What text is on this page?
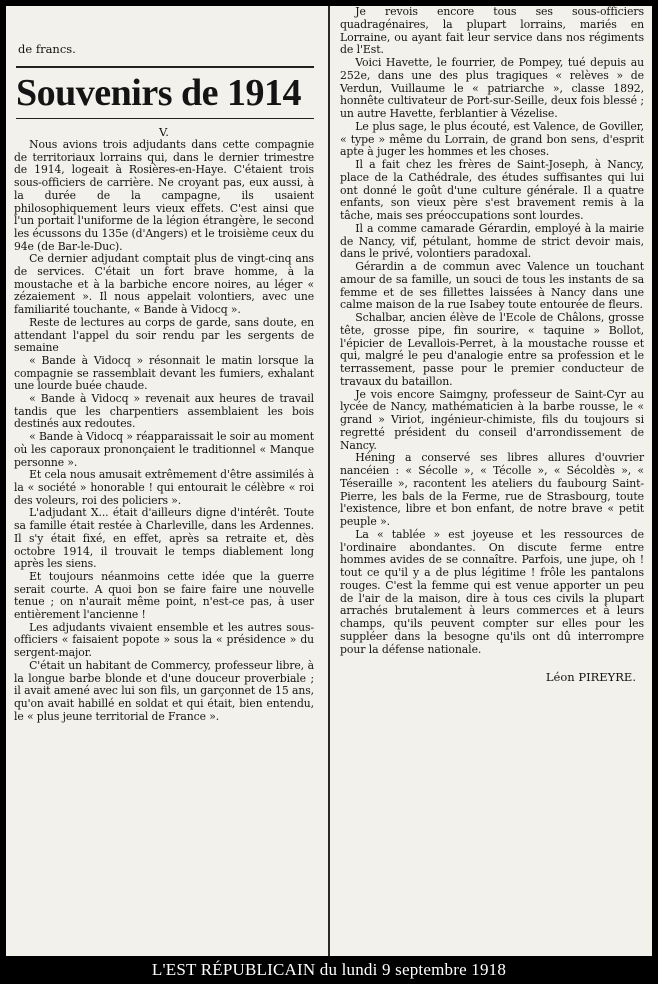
de francs.
Souvenirs de 1914
V.

Nous avions trois adjudants dans cette compagnie de territoriaux lorrains qui, dans le dernier trimestre de 1914, logeait à Rosières-en-Haye. C'étaient trois sous-officiers de carrière. Ne croyant pas, eux aussi, à la durée de la campagne, ils usaient philosophiquement leurs vieux effets. C'est ainsi que l'un portait l'uniforme de la légion étrangère, le second les écussons du 135e (d'Angers) et le troisième ceux du 94e (de Bar-le-Duc).

Ce dernier adjudant comptait plus de vingt-cinq ans de services. C'était un fort brave homme, à la moustache et à la barbiche encore noires, au léger « zézaiement ». Il nous appelait volontiers, avec une familiarité touchante, « Bande à Vidocq ».

Reste de lectures au corps de garde, sans doute, en attendant l'appel du soir rendu par les sergents de semaine

« Bande à Vidocq » résonnait le matin lorsque la compagnie se rassemblait devant les fumiers, exhalant une lourde buée chaude.

« Bande à Vidocq » revenait aux heures de travail tandis que les charpentiers assemblaient les bois destinés aux redoutes.

« Bande à Vidocq » réapparaissait le soir au moment où les caporaux prononçaient le traditionnel « Manque personne ».

Et cela nous amusait extrêmement d'être assimilés à la « société » honorable ! qui entourait le célèbre « roi des voleurs, roi des policiers ».

L'adjudant X... était d'ailleurs digne d'intérêt. Toute sa famille était restée à Charleville, dans les Ardennes. Il s'y était fixé, en effet, après sa retraite et, dès octobre 1914, il trouvait le temps diablement long après les siens.

Et toujours néanmoins cette idée que la guerre serait courte. A quoi bon se faire faire une nouvelle tenue ; on n'aurait même point, n'est-ce pas, à user entièrement l'ancienne !

Les adjudants vivaient ensemble et les autres sous-officiers « faisaient popote » sous la « présidence » du sergent-major.

C'était un habitant de Commercy, professeur libre, à la longue barbe blonde et d'une douceur proverbiale ; il avait amené avec lui son fils, un garçonnet de 15 ans, qu'on avait habillé en soldat et qui était, bien entendu, le « plus jeune territorial de France ».

Je revois encore tous ses sous-officiers quadragénaires, la plupart lorrains, mariés en Lorraine, ou ayant fait leur service dans nos régiments de l'Est.

Voici Havette, le fourrier, de Pompey, tué depuis au 252e, dans une des plus tragiques « relèves » de Verdun, Vuillaume le « patriarche », classe 1892, honnête cultivateur de Port-sur-Seille, deux fois blessé ; un autre Havette, ferblantier à Vézelise.

Le plus sage, le plus écouté, est Valence, de Goviller, « type » même du Lorrain, de grand bon sens, d'esprit apte à juger les hommes et les choses.

Il a fait chez les frères de Saint-Joseph, à Nancy, place de la Cathédrale, des études suffisantes qui lui ont donné le goût d'une culture générale. Il a quatre enfants, son vieux père s'est bravement remis à la tâche, mais ses préoccupations sont lourdes.

Il a comme camarade Gérardin, employé à la mairie de Nancy, vif, pétulant, homme de strict devoir mais, dans le privé, volontiers paradoxal.

Gérardin a de commun avec Valence un touchant amour de sa famille, un souci de tous les instants de sa femme et de ses fillettes laissées à Nancy dans une calme maison de la rue Isabey toute entourée de fleurs.

Schalbar, ancien élève de l'Ecole de Châlons, grosse tête, grosse pipe, fin sourire, « taquine » Bollot, l'épicier de Levallois-Perret, à la moustache rousse et qui, malgré le peu d'analogie entre sa profession et le terrassement, passe pour le premier conducteur de travaux du bataillon.

Je vois encore Saimgny, professeur de Saint-Cyr au lycée de Nancy, mathématicien à la barbe rousse, le « grand » Viriot, ingénieur-chimiste, fils du toujours si regretté président du conseil d'arrondissement de Nancy.

Héning a conservé ses libres allures d'ouvrier nancéien : « Sécolle », « Técolle », « Sécoldès », « Téseraille », racontent les ateliers du faubourg Saint-Pierre, les bals de la Ferme, rue de Strasbourg, toute l'existence, libre et bon enfant, de notre brave « petit peuple ».

La « tablée » est joyeuse et les ressources de l'ordinaire abondantes. On discute ferme entre hommes avides de se connaître. Parfois, une jupe, oh ! tout ce qu'il y a de plus légitime ! frôle les pantalons rouges. C'est la femme qui est venue apporter un peu de l'air de la maison, dire à tous ces civils la plupart arrachés brutalement à leurs commerces et à leurs champs, qu'ils peuvent compter sur elles pour les suppléer dans la besogne qu'ils ont dû interrompre pour la défense nationale.

Léon PIREYRE.
L'EST RÉPUBLICAIN du lundi 9 septembre 1918
